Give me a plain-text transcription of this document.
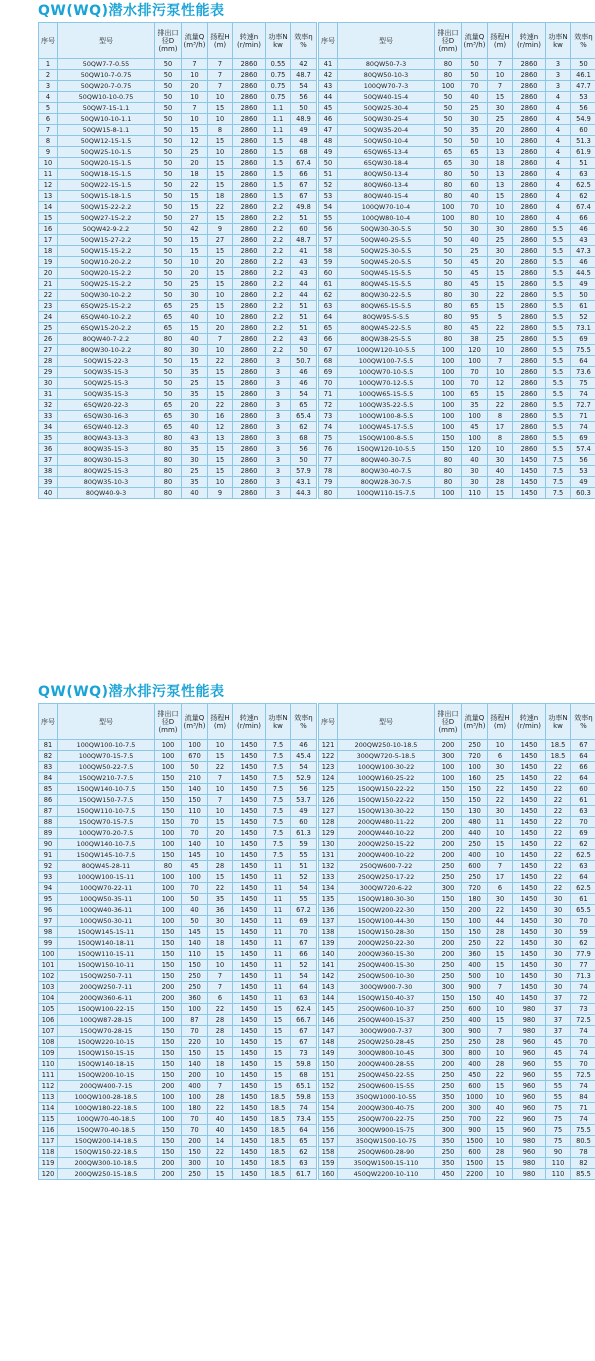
QW(WQ)潜水排污泵性能表
序号	型号	排出口径D (mm)	流量Q (m³/h)	扬程H (m)	转速n (r/min)	功率N kw	效率η %
1	50QW7-7-0.55	50	7	7	2860	0.55	42
2	50QW10-7-0.75	50	10	7	2860	0.75	48.7
3	50QW20-7-0.75	50	20	7	2860	0.75	54
4	50QW10-10-0.75	50	10	10	2860	0.75	56
5	50QW7-15-1.1	50	7	15	2860	1.1	50
6	50QW10-10-1.1	50	10	10	2860	1.1	48.9
7	50QW15-8-1.1	50	15	8	2860	1.1	49
8	50QW12-15-1.5	50	12	15	2860	1.5	48
9	50QW25-10-1.5	50	25	10	2860	1.5	68
10	50QW20-15-1.5	50	20	15	2860	1.5	67.4
11	50QW18-15-1.5	50	18	15	2860	1.5	66
12	50QW22-15-1.5	50	22	15	2860	1.5	67
13	50QW15-18-1.5	50	15	18	2860	1.5	67
14	50QW15-22-2.2	50	15	22	2860	2.2	49.8
15	50QW27-15-2.2	50	27	15	2860	2.2	51
16	50QW42-9-2.2	50	42	9	2860	2.2	60
17	50QW15-27-2.2	50	15	27	2860	2.2	48.7
18	50QW15-15-2.2	50	15	15	2860	2.2	41
19	50QW10-20-2.2	50	10	20	2860	2.2	43
20	50QW20-15-2.2	50	20	15	2860	2.2	43
21	50QW25-15-2.2	50	25	15	2860	2.2	44
22	50QW30-10-2.2	50	30	10	2860	2.2	44
23	65QW25-15-2.2	65	25	15	2860	2.2	51
24	65QW40-10-2.2	65	40	10	2860	2.2	51
25	65QW15-20-2.2	65	15	20	2860	2.2	51
26	80QW40-7-2.2	80	40	7	2860	2.2	43
27	80QW30-10-2.2	80	30	10	2860	2.2	50
28	50QW15-22-3	50	15	22	2860	3	50.7
29	50QW35-15-3	50	35	15	2860	3	46
30	50QW25-15-3	50	25	15	2860	3	46
31	50QW35-15-3	50	35	15	2860	3	54
32	65QW20-22-3	65	20	22	2860	3	65
33	65QW30-16-3	65	30	16	2860	3	65.4
34	65QW40-12-3	65	40	12	2860	3	62
35	80QW43-13-3	80	43	13	2860	3	68
36	80QW35-15-3	80	35	15	2860	3	56
37	80QW30-15-3	80	30	15	2860	3	50
38	80QW25-15-3	80	25	15	2860	3	57.9
39	80QW35-10-3	80	35	10	2860	3	43.1
40	80QW40-9-3	80	40	9	2860	3	44.3
序号	型号	排出口径D (mm)	流量Q (m³/h)	扬程H (m)	转速n (r/min)	功率N kw	效率η %
41	80QW50-7-3	80	50	7	2860	3	50
42	80QW50-10-3	80	50	10	2860	3	46.1
43	100QW70-7-3	100	70	7	2860	3	47.7
44	50QW40-15-4	50	40	15	2860	4	53
45	50QW25-30-4	50	25	30	2860	4	56
46	50QW30-25-4	50	30	25	2860	4	54.9
47	50QW35-20-4	50	35	20	2860	4	60
48	50QW50-10-4	50	50	10	2860	4	51.3
49	65QW65-13-4	65	65	13	2860	4	61.9
50	65QW30-18-4	65	30	18	2860	4	51
51	80QW50-13-4	80	50	13	2860	4	63
52	80QW60-13-4	80	60	13	2860	4	62.5
53	80QW40-15-4	80	40	15	2860	4	62
54	100QW70-10-4	100	70	10	2860	4	67.4
55	100QW80-10-4	100	80	10	2860	4	66
56	50QW30-30-5.5	50	30	30	2860	5.5	46
57	50QW40-25-5.5	50	40	25	2860	5.5	43
58	50QW25-30-5.5	50	25	30	2860	5.5	47.3
59	50QW45-20-5.5	50	45	20	2860	5.5	46
60	50QW45-15-5.5	50	45	15	2860	5.5	44.5
61	80QW45-15-5.5	80	45	15	2860	5.5	49
62	80QW30-22-5.5	80	30	22	2860	5.5	50
63	80QW65-15-5.5	80	65	15	2860	5.5	61
64	80QW95-5-5.5	80	95	5	2860	5.5	52
65	80QW45-22-5.5	80	45	22	2860	5.5	73.1
66	80QW38-25-5.5	80	38	25	2860	5.5	69
67	100QW120-10-5.5	100	120	10	2860	5.5	75.5
68	100QW100-7-5.5	100	100	7	2860	5.5	64
69	100QW70-10-5.5	100	70	10	2860	5.5	73.6
70	100QW70-12-5.5	100	70	12	2860	5.5	75
71	100QW65-15-5.5	100	65	15	2860	5.5	74
72	100QW35-22-5.5	100	35	22	2860	5.5	72.7
73	100QW100-8-5.5	100	100	8	2860	5.5	71
74	100QW45-17-5.5	100	45	17	2860	5.5	74
75	150QW100-8-5.5	150	100	8	2860	5.5	69
76	150QW120-10-5.5	150	120	10	2860	5.5	57.4
77	80QW40-30-7.5	80	40	30	1450	7.5	56
78	80QW30-40-7.5	80	30	40	1450	7.5	53
79	80QW28-30-7.5	80	30	28	1450	7.5	49
80	100QW110-15-7.5	100	110	15	1450	7.5	60.3
QW(WQ)潜水排污泵性能表
序号	型号	排出口径D (mm)	流量Q (m³/h)	扬程H (m)	转速n (r/min)	功率N kw	效率η %
81	100QW100-10-7.5	100	100	10	1450	7.5	46
82	100QW70-15-7.5	100	670	15	1450	7.5	45.4
83	100QW50-22-7.5	100	50	22	1450	7.5	54
84	150QW210-7-7.5	150	210	7	1450	7.5	52.9
85	150QW140-10-7.5	150	140	10	1450	7.5	56
86	150QW150-7-7.5	150	150	7	1450	7.5	53.7
87	150QW110-10-7.5	150	110	10	1450	7.5	49
88	150QW70-15-7.5	150	70	15	1450	7.5	60
89	100QW70-20-7.5	100	70	20	1450	7.5	61.3
90	100QW140-10-7.5	100	140	10	1450	7.5	59
91	150QW145-10-7.5	150	145	10	1450	7.5	55
92	80QW45-28-11	80	45	28	1450	11	51
93	100QW100-15-11	100	100	15	1450	11	52
94	100QW70-22-11	100	70	22	1450	11	54
95	100QW50-35-11	100	50	35	1450	11	55
96	100QW40-36-11	100	40	36	1450	11	67.2
97	100QW50-30-11	100	50	30	1450	11	69
98	150QW145-15-11	150	145	15	1450	11	70
99	150QW140-18-11	150	140	18	1450	11	67
100	150QW110-15-11	150	110	15	1450	11	66
101	150QW150-10-11	150	150	10	1450	11	52
102	150QW250-7-11	150	250	7	1450	11	54
103	200QW250-7-11	200	250	7	1450	11	64
104	200QW360-6-11	200	360	6	1450	11	63
105	150QW100-22-15	150	100	22	1450	15	62.4
106	100QW87-28-15	100	87	28	1450	15	66.7
107	150QW70-28-15	150	70	28	1450	15	67
108	150QW220-10-15	150	220	10	1450	15	67
109	150QW150-15-15	150	150	15	1450	15	73
110	150QW140-18-15	150	140	18	1450	15	59.8
111	150QW200-10-15	150	200	10	1450	15	68
112	200QW400-7-15	200	400	7	1450	15	65.1
113	100QW100-28-18.5	100	100	28	1450	18.5	59.8
114	100QW180-22-18.5	100	180	22	1450	18.5	74
115	100QW70-40-18.5	100	70	40	1450	18.5	73.4
116	150QW70-40-18.5	150	70	40	1450	18.5	64
117	150QW200-14-18.5	150	200	14	1450	18.5	65
118	150QW150-22-18.5	150	150	22	1450	18.5	62
119	200QW300-10-18.5	200	300	10	1450	18.5	63
120	200QW250-15-18.5	200	250	15	1450	18.5	61.7
序号	型号	排出口径D (mm)	流量Q (m³/h)	扬程H (m)	转速n (r/min)	功率N kw	效率η %
121	200QW250-10-18.5	200	250	10	1450	18.5	67
122	300QW720-5-18.5	300	720	6	1450	18.5	64
123	100QW100-30-22	100	100	30	1450	22	66
124	100QW160-25-22	100	160	25	1450	22	64
125	150QW150-22-22	150	150	22	1450	22	60
126	150QW150-22-22	150	150	22	1450	22	61
127	150QW130-30-22	150	130	30	1450	22	63
128	200QW480-11-22	200	480	11	1450	22	70
129	200QW440-10-22	200	440	10	1450	22	69
130	200QW250-15-22	200	250	15	1450	22	62
131	200QW400-10-22	200	400	10	1450	22	62.5
132	250QW600-7-22	250	600	7	1450	22	63
133	250QW250-17-22	250	250	17	1450	22	64
134	300QW720-6-22	300	720	6	1450	22	62.5
135	150QW180-30-30	150	180	30	1450	30	61
136	150QW200-22-30	150	200	22	1450	30	65.5
137	150QW100-44-30	150	100	44	1450	30	70
138	150QW150-28-30	150	150	28	1450	30	59
139	200QW250-22-30	200	250	22	1450	30	62
140	200QW360-15-30	200	360	15	1450	30	77.9
141	250QW400-15-30	250	400	15	1450	30	77
142	250QW500-10-30	250	500	10	1450	30	71.3
143	300QW900-7-30	300	900	7	1450	30	74
144	150QW150-40-37	150	150	40	1450	37	72
145	250QW600-10-37	250	600	10	980	37	73
146	250QW400-15-37	250	400	15	980	37	72.5
147	300QW900-7-37	300	900	7	980	37	74
148	250QW250-28-45	250	250	28	960	45	70
149	300QW800-10-45	300	800	10	960	45	74
150	200QW400-28-55	200	400	28	960	55	70
151	250QW450-22-55	250	450	22	960	55	72.5
152	250QW600-15-55	250	600	15	960	55	74
153	350QW1000-10-55	350	1000	10	960	55	84
154	200QW300-40-75	200	300	40	960	75	71
155	250QW700-22-75	250	700	22	960	75	74
156	300QW900-15-75	300	900	15	960	75	75.5
157	350QW1500-10-75	350	1500	10	980	75	80.5
158	250QW600-28-90	250	600	28	960	90	78
159	350QW1500-15-110	350	1500	15	980	110	82
160	450QW2200-10-110	450	2200	10	980	110	85.5
